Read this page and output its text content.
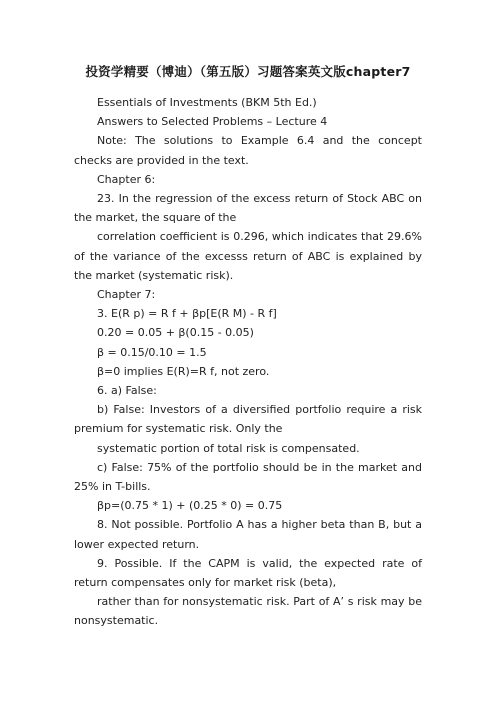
投资学精要（博迪）（第五版）习题答案英文版chapter7

Essentials of Investments (BKM 5th Ed.)

Answers to Selected Problems – Lecture 4

Note: The solutions to Example 6.4 and the concept checks are provided in the text.

Chapter 6:

23. In the regression of the excess return of Stock ABC on the market, the square of the

correlation coefficient is 0.296, which indicates that 29.6% of the variance of the excesss return of ABC is explained by the market (systematic risk).

Chapter 7:

3. E(R p) = R f + βp[E(R M) - R f]

0.20 = 0.05 + β(0.15 - 0.05)

β = 0.15/0.10 = 1.5

β=0 implies E(R)=R f, not zero.

6. a) False:

b) False: Investors of a diversified portfolio require a risk premium for systematic risk. Only the

systematic portion of total risk is compensated.

c) False: 75% of the portfolio should be in the market and 25% in T-bills.

βp=(0.75 * 1) + (0.25 * 0) = 0.75

8. Not possible. Portfolio A has a higher beta than B, but a lower expected return.

9. Possible. If the CAPM is valid, the expected rate of return compensates only for market risk (beta),

rather than for nonsystematic risk. Part of A’ s risk may be nonsystematic.
